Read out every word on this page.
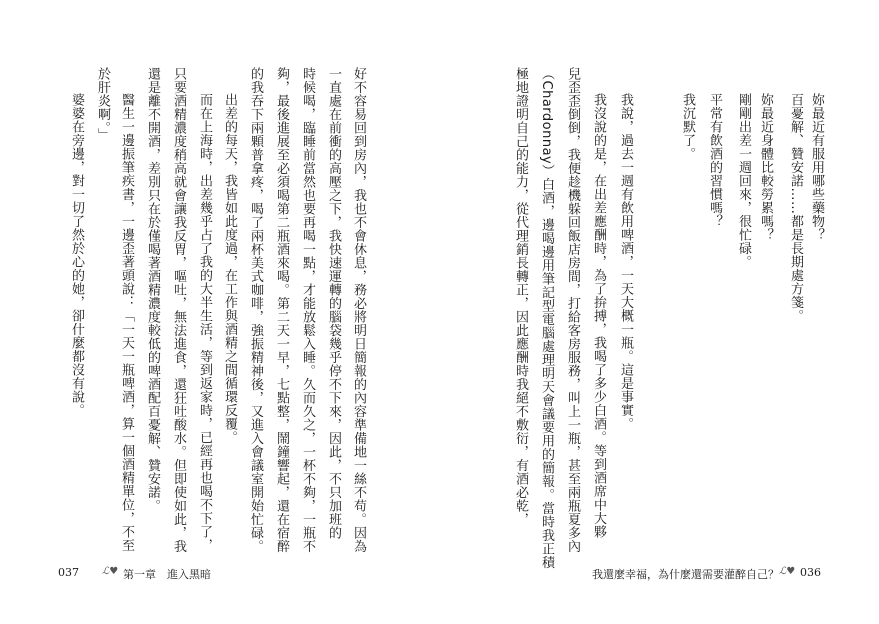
妳最近有服用哪些藥物？
百憂解、贊安諾……都是長期處方箋。
妳最近身體比較勞累嗎？
剛剛出差一週回來，很忙碌。
平常有飲酒的習慣嗎？
我沉默了。
我說，過去一週有飲用啤酒，一天大概一瓶。這是事實。
我沒說的是，在出差應酬時，為了拚搏，我喝了多少白酒。等到酒席中大夥
兒歪歪倒倒，我便趁機躲回飯店房間，打給客房服務，叫上一瓶，甚至兩瓶夏多內
（Chardonnay）白酒，邊喝邊用筆記型電腦處理明天會議要用的簡報。當時我正積
極地證明自己的能力，從代理銷長轉正，因此應酬時我絕不敷衍，有酒必乾，
好不容易回到房內，我也不會休息，務必將明日簡報的內容準備地一絲不苟。因為
一直處在前衝的高壓之下，我快速運轉的腦袋幾乎停不下來，因此，不只加班的
時候喝，臨睡前當然也要再喝一點，才能放鬆入睡。久而久之，一杯不夠，一瓶不
夠，最後進展至必須喝第二瓶酒來喝。第二天一早，七點整，鬧鐘響起，還在宿醉
的我吞下兩顆普拿疼，喝了兩杯美式咖啡，強振精神後，又進入會議室開始忙碌。
出差的每天，我皆如此度過，在工作與酒精之間循環反覆。
而在上海時，出差幾乎占了我的大半生活，等到返家時，已經再也喝不下了，
只要酒精濃度稍高就會讓我反胃，嘔吐，無法進食，還狂吐酸水。但即使如此，我
還是離不開酒，差別只在於僅喝著酒精濃度較低的啤酒配百憂解、贊安諾。
醫生一邊振筆疾書，一邊歪著頭說：「一天一瓶啤酒，算一個酒精單位，不至
於肝炎啊。」
婆婆在旁邊，對一切了然於心的她，卻什麼都沒有說。
037 ℒ♥ 第一章　進入黑暗	我還麼幸福，為什麼還需要灌醉自己？ ℒ♥ 036
